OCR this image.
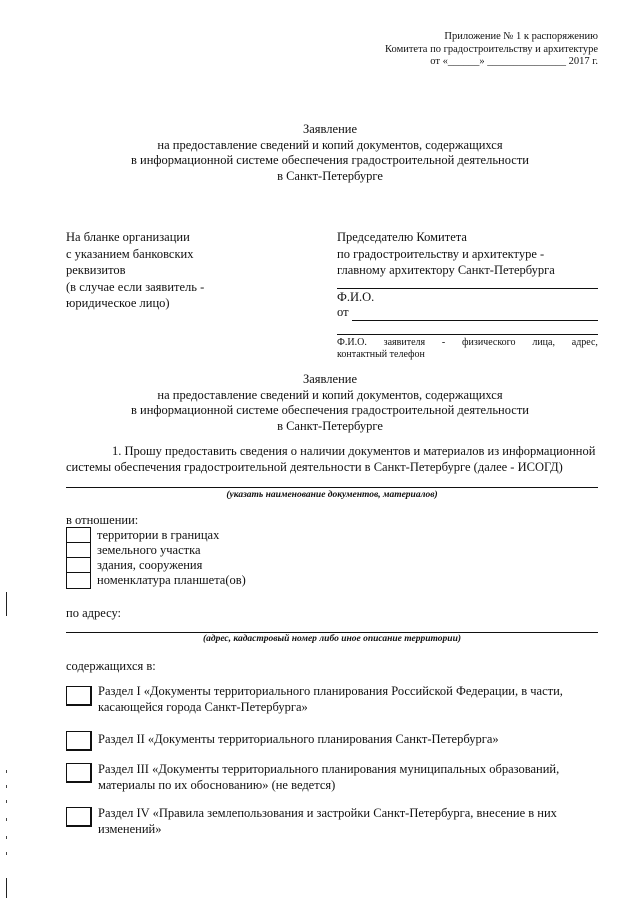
Приложение № 1 к распоряжению
Комитета по градостроительству и архитектуре
от «______» _______________ 2017 г.
Заявление
на предоставление сведений и копий документов, содержащихся
в информационной системе обеспечения градостроительной деятельности
в Санкт-Петербурге
На бланке организации
с указанием банковских
реквизитов
(в случае если заявитель -
юридическое лицо)
Председателю Комитета
по градостроительству и архитектуре -
главному архитектору Санкт-Петербурга
Ф.И.О.
от
Ф.И.О. заявителя - физического лица, адрес,
контактный телефон
Заявление
на предоставление сведений и копий документов, содержащихся
в информационной системе обеспечения градостроительной деятельности
в Санкт-Петербурге
1. Прошу предоставить сведения о наличии документов и материалов из информационной
системы обеспечения градостроительной деятельности в Санкт-Петербурге (далее - ИСОГД)
(указать наименование документов, материалов)
в отношении:
территории в границах
земельного участка
здания, сооружения
номенклатура планшета(ов)
по адресу:
(адрес, кадастровый номер либо иное описание территории)
содержащихся в:
Раздел I «Документы территориального планирования Российской Федерации, в части,
касающейся города Санкт-Петербурга»
Раздел II «Документы территориального планирования Санкт-Петербурга»
Раздел III «Документы территориального планирования муниципальных образований,
материалы по их обоснованию» (не ведется)
Раздел IV «Правила землепользования и застройки Санкт-Петербурга, внесение в них
изменений»
